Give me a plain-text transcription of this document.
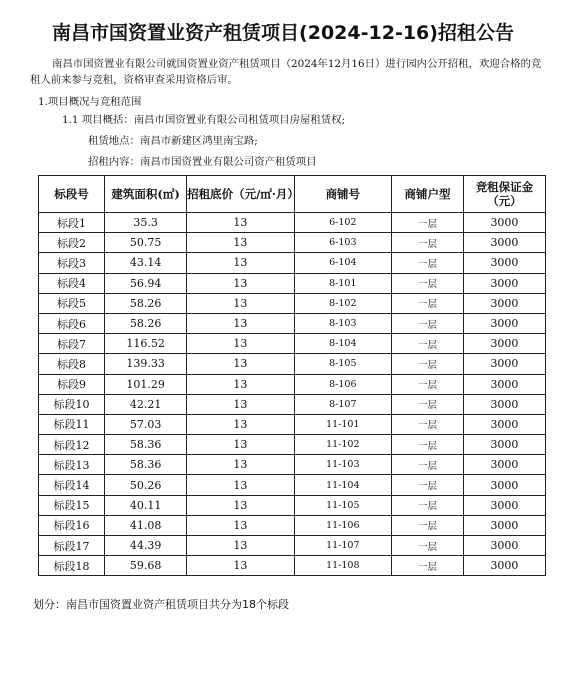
南昌市国资置业资产租赁项目(2024-12-16)招租公告

南昌市国资置业有限公司就国资置业资产租赁项目（2024年12月16日）进行园内公开招租，欢迎合格的竞租人前来参与竞租，资格审查采用资格后审。

1.项目概况与竞租范围
1.1 项目概括：南昌市国资置业有限公司租赁项目房屋租赁权;
租赁地点：南昌市新建区鸿里南宝路;
招租内容：南昌市国资置业有限公司资产租赁项目
标段号	建筑面积(㎡)	招租底价（元/㎡·月）	商铺号	商铺户型	竞租保证金（元）
标段1	35.3	13	6-102	一层	3000
标段2	50.75	13	6-103	一层	3000
标段3	43.14	13	6-104	一层	3000
标段4	56.94	13	8-101	一层	3000
标段5	58.26	13	8-102	一层	3000
标段6	58.26	13	8-103	一层	3000
标段7	116.52	13	8-104	一层	3000
标段8	139.33	13	8-105	一层	3000
标段9	101.29	13	8-106	一层	3000
标段10	42.21	13	8-107	一层	3000
标段11	57.03	13	11-101	一层	3000
标段12	58.36	13	11-102	一层	3000
标段13	58.36	13	11-103	一层	3000
标段14	50.26	13	11-104	一层	3000
标段15	40.11	13	11-105	一层	3000
标段16	41.08	13	11-106	一层	3000
标段17	44.39	13	11-107	一层	3000
标段18	59.68	13	11-108	一层	3000
划分：南昌市国资置业资产租赁项目共分为18个标段
